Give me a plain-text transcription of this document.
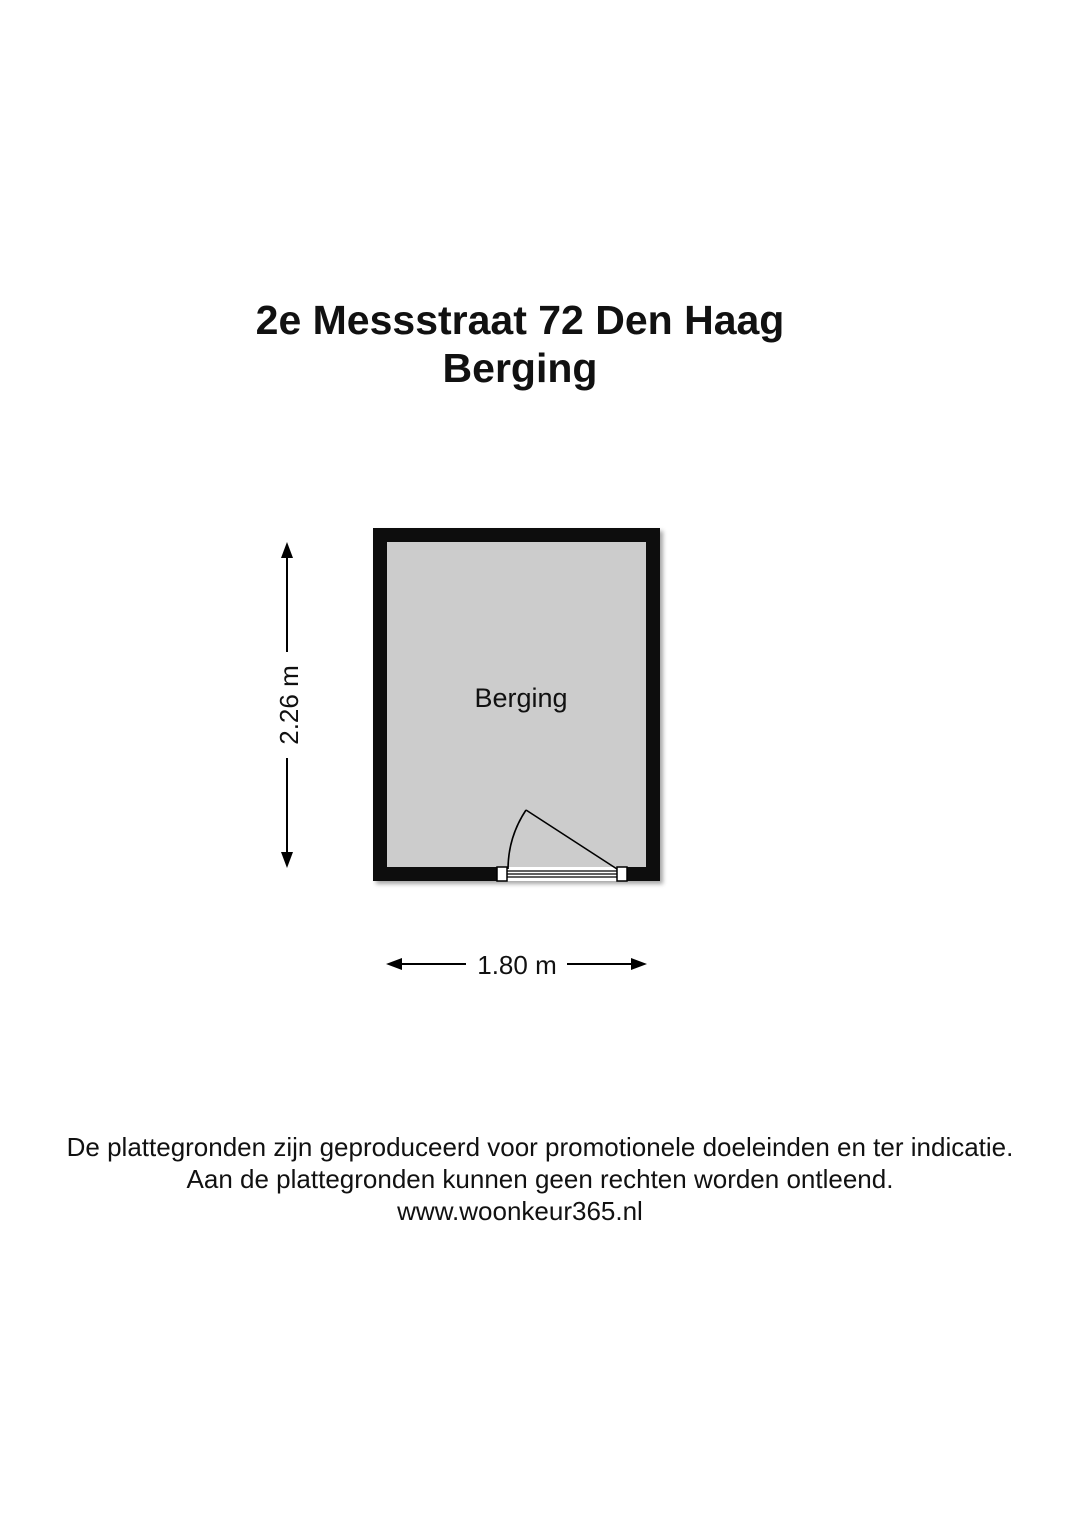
2e Messstraat 72 Den Haag
Berging
Berging
2.26 m
1.80 m
De plattegronden zijn geproduceerd voor promotionele doeleinden en ter indicatie.
Aan de plattegronden kunnen geen rechten worden ontleend.
www.woonkeur365.nl
